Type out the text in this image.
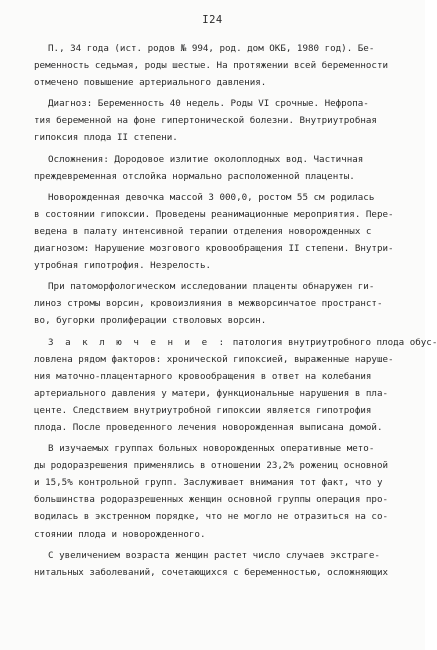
I24
П., 34 года (ист. родов № 994, род. дом ОКБ, 1980 год). Бе-
ременность седьмая, роды шестые. На протяжении всей беременности
отмечено повышение артериального давления.
Диагноз: Беременность 40 недель. Роды VI срочные. Нефропа-
тия беременной на фоне гипертонической болезни. Внутриутробная
гипоксия плода II степени.
Осложнения: Дородовое излитие околоплодных вод. Частичная
преждевременная отслойка нормально расположенной плаценты.
Новорожденная девочка массой 3 000,0, ростом 55 см родилась
в состоянии гипоксии. Проведены реанимационные мероприятия. Пере-
ведена в палату интенсивной терапии отделения новорожденных с
диагнозом: Нарушение мозгового кровообращения II степени. Внутри-
утробная гипотрофия. Незрелость.
При патоморфологическом исследовании плаценты обнаружен ги-
линоз стромы ворсин, кровоизлияния в межворсинчатое пространст-
во, бугорки пролиферации стволовых ворсин.
З а к л ю ч е н и е : патология внутриутробного плода обус-
ловлена рядом факторов: хронической гипоксией, выраженные наруше-
ния маточно-плацентарного кровообращения в ответ на колебания
артериального давления у матери, функциональные нарушения в пла-
центе. Следствием внутриутробной гипоксии является гипотрофия
плода. После проведенного лечения новорожденная выписана домой.
В изучаемых группах больных новорожденных оперативные мето-
ды родоразрешения применялись в отношении 23,2% рожениц основной
и 15,5% контрольной групп. Заслуживает внимания тот факт, что у
большинства родоразрешенных женщин основной группы операция про-
водилась в экстренном порядке, что не могло не отразиться на со-
стоянии плода и новорожденного.
С увеличением возраста женщин растет число случаев экстраге-
нитальных заболеваний, сочетающихся с беременностью, осложняющих
